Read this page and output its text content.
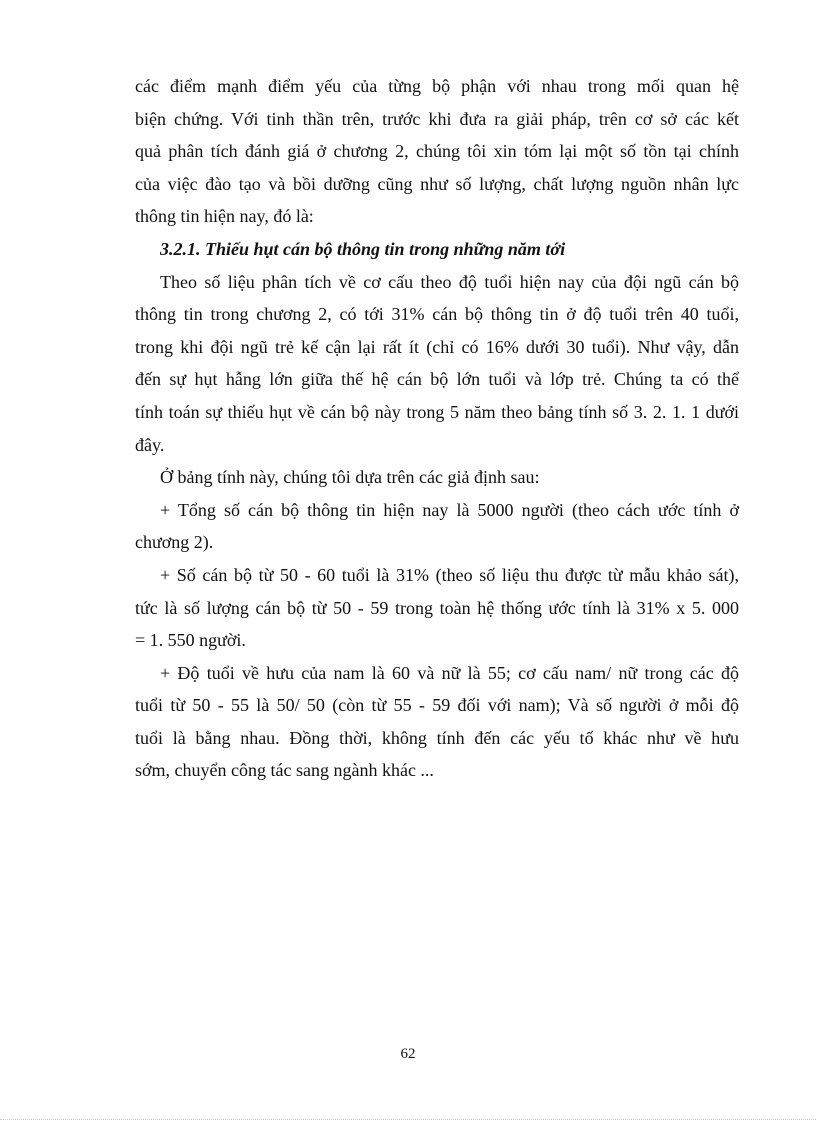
các điểm mạnh điểm yếu của từng bộ phận với nhau trong mối quan hệ
biện chứng. Với tinh thần trên, trước khi đưa ra giải pháp, trên cơ sở các kết
quả phân tích đánh giá ở chương 2, chúng tôi xin tóm lại một số tồn tại chính
của việc đào tạo và bồi dưỡng cũng như số lượng, chất lượng nguồn nhân lực
thông tin hiện nay, đó là:
3.2.1. Thiếu hụt cán bộ thông tin trong những năm tới
Theo số liệu phân tích về cơ cấu theo độ tuổi hiện nay của đội ngũ cán bộ
thông tin trong chương 2, có tới 31% cán bộ thông tin ở độ tuổi trên 40 tuổi,
trong khi đội ngũ trẻ kế cận lại rất ít (chỉ có 16% dưới 30 tuổi). Như vậy, dẫn
đến sự hụt hẫng lớn giữa thế hệ cán bộ lớn tuổi và lớp trẻ. Chúng ta có thể
tính toán sự thiếu hụt về cán bộ này trong 5 năm theo bảng tính số 3. 2. 1. 1 dưới
đây.
Ở bảng tính này, chúng tôi dựa trên các giả định sau:
+ Tổng số cán bộ thông tin hiện nay là 5000 người (theo cách ước tính ở
chương 2).
+ Số cán bộ từ 50 - 60 tuổi là 31% (theo số liệu thu được từ mẫu khảo sát),
tức là số lượng cán bộ từ 50 - 59 trong toàn hệ thống ước tính là 31% x 5. 000
= 1. 550 người.
+ Độ tuổi về hưu của nam là 60 và nữ là 55; cơ cấu nam/ nữ trong các độ
tuổi từ 50 - 55 là 50/ 50 (còn từ 55 - 59 đối với nam); Và số người ở mỗi độ
tuổi là bằng nhau. Đồng thời, không tính đến các yếu tố khác như về hưu
sớm, chuyển công tác sang ngành khác ...
62
